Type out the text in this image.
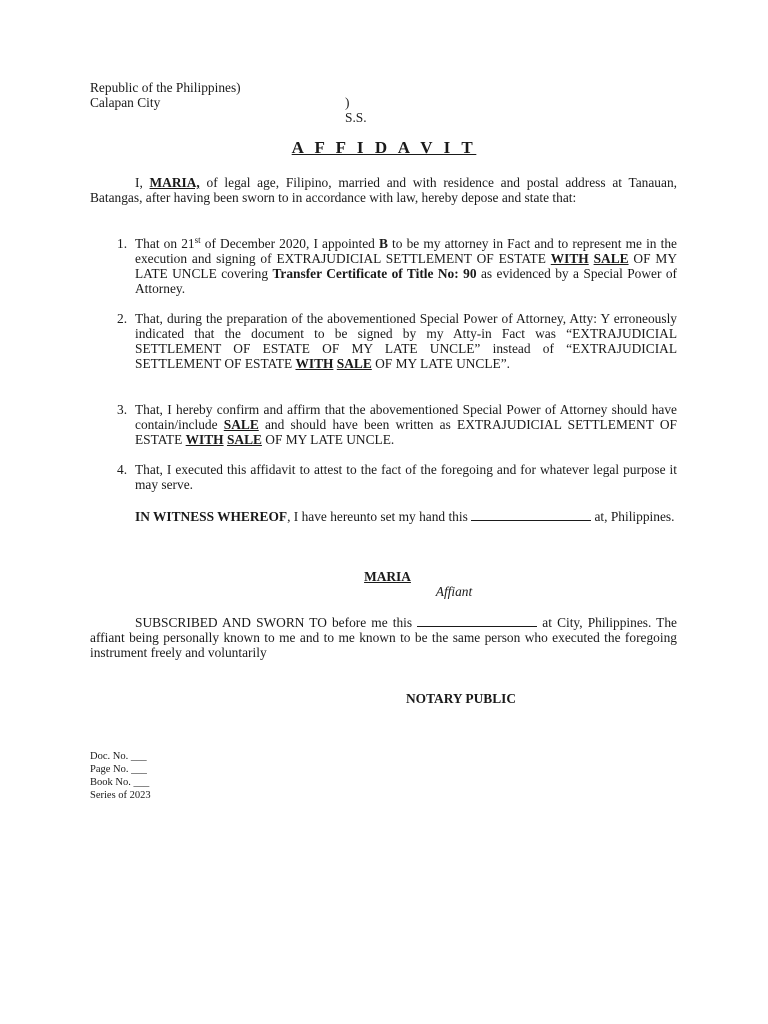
Republic of the Philippines)
Calapan City	) S.S.
A F F I D A V I T
I, MARIA, of legal age, Filipino, married and with residence and postal address at Tanauan, Batangas, after having been sworn to in accordance with law, hereby depose and state that:
1. That on 21st of December 2020, I appointed B to be my attorney in Fact and to represent me in the execution and signing of EXTRAJUDICIAL SETTLEMENT OF ESTATE WITH SALE OF MY LATE UNCLE covering Transfer Certificate of Title No: 90 as evidenced by a Special Power of Attorney.
2. That, during the preparation of the abovementioned Special Power of Attorney, Atty: Y erroneously indicated that the document to be signed by my Atty-in Fact was “EXTRAJUDICIAL SETTLEMENT OF ESTATE OF MY LATE UNCLE” instead of “EXTRAJUDICIAL SETTLEMENT OF ESTATE WITH SALE OF MY LATE UNCLE”.
3. That, I hereby confirm and affirm that the abovementioned Special Power of Attorney should have contain/include SALE and should have been written as EXTRAJUDICIAL SETTLEMENT OF ESTATE WITH SALE OF MY LATE UNCLE.
4. That, I executed this affidavit to attest to the fact of the foregoing and for whatever legal purpose it may serve.
IN WITNESS WHEREOF, I have hereunto set my hand this	at, Philippines.
MARIA
Affiant
SUBSCRIBED AND SWORN TO before me this	at City, Philippines. The affiant being personally known to me and to me known to be the same person who executed the foregoing instrument freely and voluntarily
NOTARY PUBLIC
Doc. No. ___
Page No. ___
Book No. ___
Series of 2023
